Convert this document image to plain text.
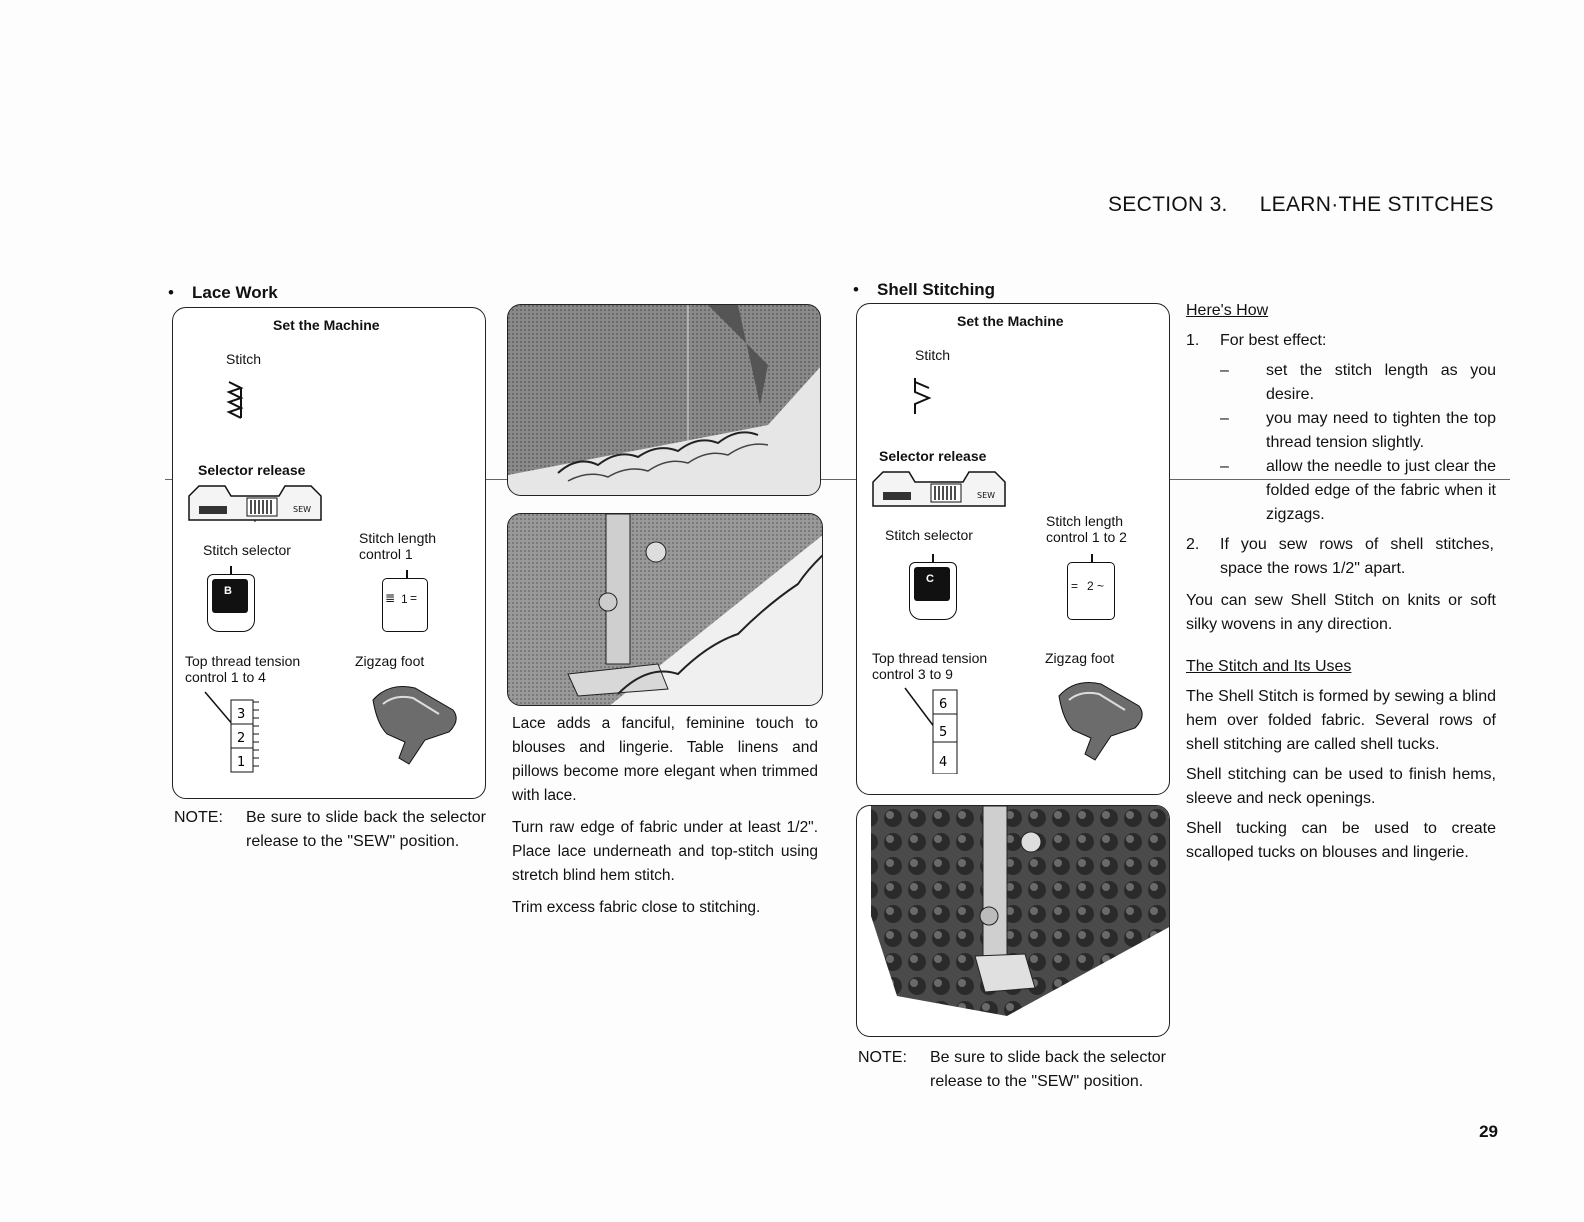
SECTION 3. LEARN·THE STITCHES
• Lace Work
Set the Machine
Stitch
Selector release
SEW
Stitch selector
Stitch length
control 1
B	≣ 1 =
Top thread tension
control 1 to 4
Zigzag foot
3
2
1
NOTE: Be sure to slide back the selector release to the "SEW" position.

Lace adds a fanciful, feminine touch to blouses and lingerie. Table linens and pillows become more elegant when trimmed with lace.

Turn raw edge of fabric under at least 1/2". Place lace underneath and top-stitch using stretch blind hem stitch.

Trim excess fabric close to stitching.

• Shell Stitching
Set the Machine
Stitch
Selector release
SEW
Stitch selector
Stitch length
control 1 to 2
C	= 2 ~
Top thread tension
control 3 to 9
Zigzag foot
6
5
4
NOTE: Be sure to slide back the selector release to the "SEW" position.
Here's How
1. For best effect:
– set the stitch length as you desire.
– you may need to tighten the top thread tension slightly.
– allow the needle to just clear the folded edge of the fabric when it zigzags.
2. If you sew rows of shell stitches, space the rows 1/2" apart.
You can sew Shell Stitch on knits or soft silky wovens in any direction.
The Stitch and Its Uses
The Shell Stitch is formed by sewing a blind hem over folded fabric. Several rows of shell stitching are called shell tucks.
Shell stitching can be used to finish hems, sleeve and neck openings.
Shell tucking can be used to create scalloped tucks on blouses and lingerie.
29
